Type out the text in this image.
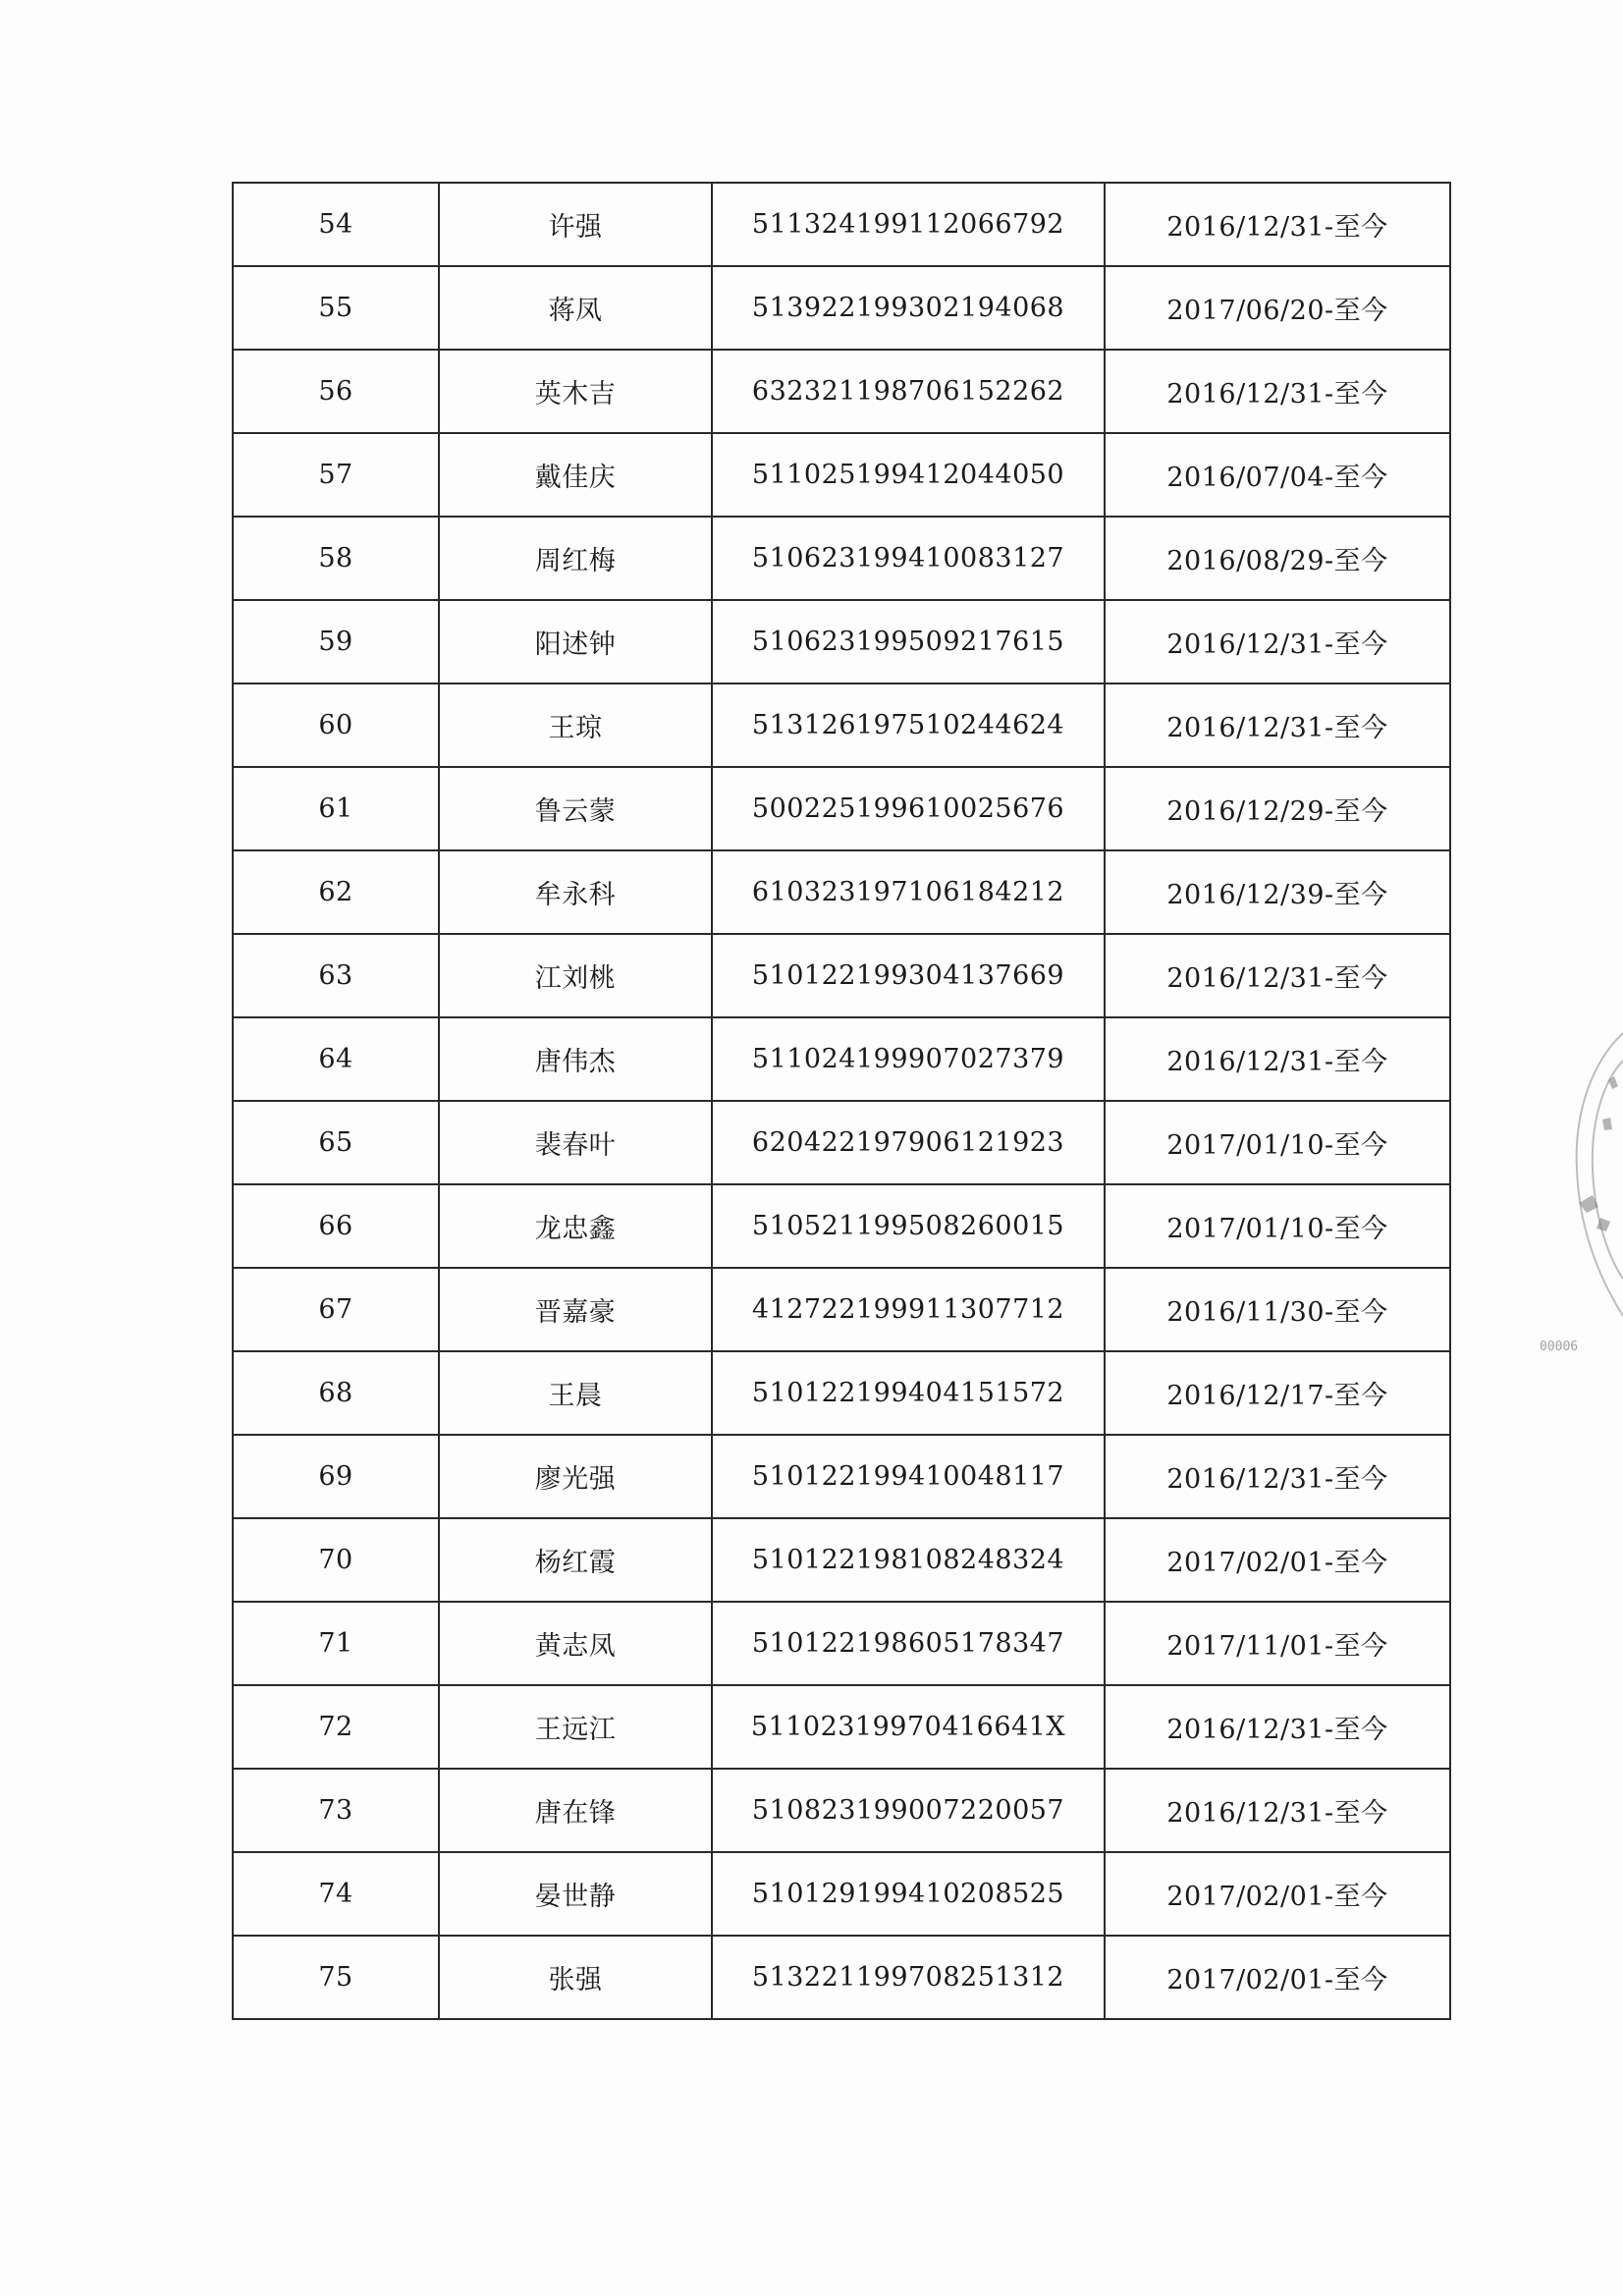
54	许强	511324199112066792	2016/12/31-至今
55	蒋凤	513922199302194068	2017/06/20-至今
56	英木吉	632321198706152262	2016/12/31-至今
57	戴佳庆	511025199412044050	2016/07/04-至今
58	周红梅	510623199410083127	2016/08/29-至今
59	阳述钟	510623199509217615	2016/12/31-至今
60	王琼	513126197510244624	2016/12/31-至今
61	鲁云蒙	500225199610025676	2016/12/29-至今
62	牟永科	610323197106184212	2016/12/39-至今
63	江刘桃	510122199304137669	2016/12/31-至今
64	唐伟杰	511024199907027379	2016/12/31-至今
65	裴春叶	620422197906121923	2017/01/10-至今
66	龙忠鑫	510521199508260015	2017/01/10-至今
67	晋嘉豪	412722199911307712	2016/11/30-至今
68	王晨	510122199404151572	2016/12/17-至今
69	廖光强	510122199410048117	2016/12/31-至今
70	杨红霞	510122198108248324	2017/02/01-至今
71	黄志凤	510122198605178347	2017/11/01-至今
72	王远江	51102319970416641X	2016/12/31-至今
73	唐在锋	510823199007220057	2016/12/31-至今
74	晏世静	510129199410208525	2017/02/01-至今
75	张强	513221199708251312	2017/02/01-至今
00006
